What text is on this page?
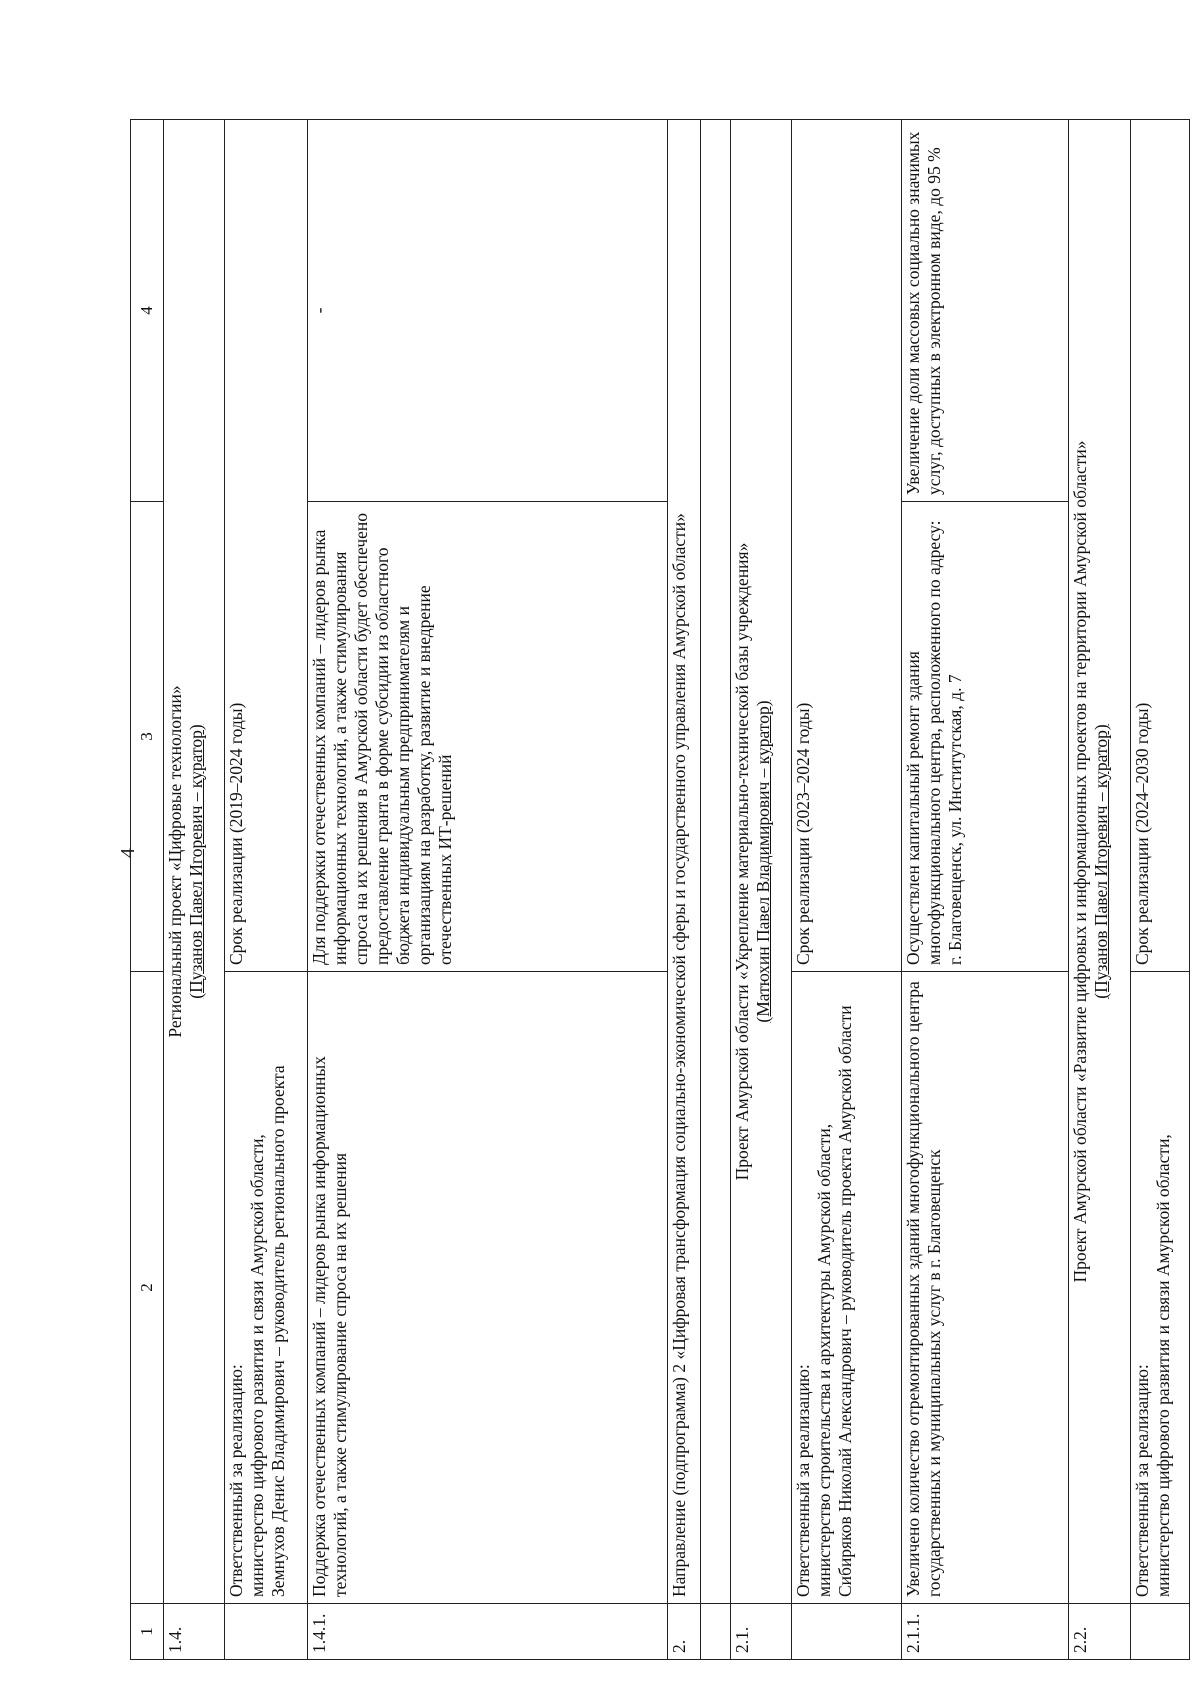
4
1	2	3	4
1.4.	Региональный проект «Цифровые технологии» (Пузанов Павел Игоревич – куратор)		

	Ответственный за реализацию: министерство цифрового развития и связи Амурской области, Земнухов Денис Владимирович – руководитель регионального проекта	Срок реализации (2019–2024 годы)	
1.4.1.	Поддержка отечественных компаний – лидеров рынка информационных технологий, а также стимулирование спроса на их решения	Для поддержки отечественных компаний – лидеров рынка информационных технологий, а также стимулирования спроса на их решения в Амурской области будет обеспечено предоставление гранта в форме субсидии из областного бюджета индивидуальным предпринимателям и организациям на разработку, развитие и внедрение отечественных ИТ-решений	-
2.	Направление (подпрограмма) 2 «Цифровая трансформация социально-экономической сферы и государственного управления Амурской области»		

2.1.	Проект Амурской области «Укрепление материально-технической базы учреждения» (Матюхин Павел Владимирович – куратор)		

	Ответственный за реализацию: министерство строительства и архитектуры Амурской области, Сибиряков Николай Александрович – руководитель проекта Амурской области	Срок реализации (2023–2024 годы)	
2.1.1.	Увеличено количество отремонтированных зданий многофункционального центра государственных и муниципальных услуг в г. Благовещенск	Осуществлен капитальный ремонт здания многофункционального центра, расположенного по адресу: г. Благовещенск, ул. Институтская, д. 7	Увеличение доли массовых социально значимых услуг, доступных в электронном виде, до 95 %
2.2.	Проект Амурской области «Развитие цифровых и информационных проектов на территории Амурской области» (Пузанов Павел Игоревич – куратор)		

	Ответственный за реализацию: министерство цифрового развития и связи Амурской области,	Срок реализации (2024–2030 годы)	
